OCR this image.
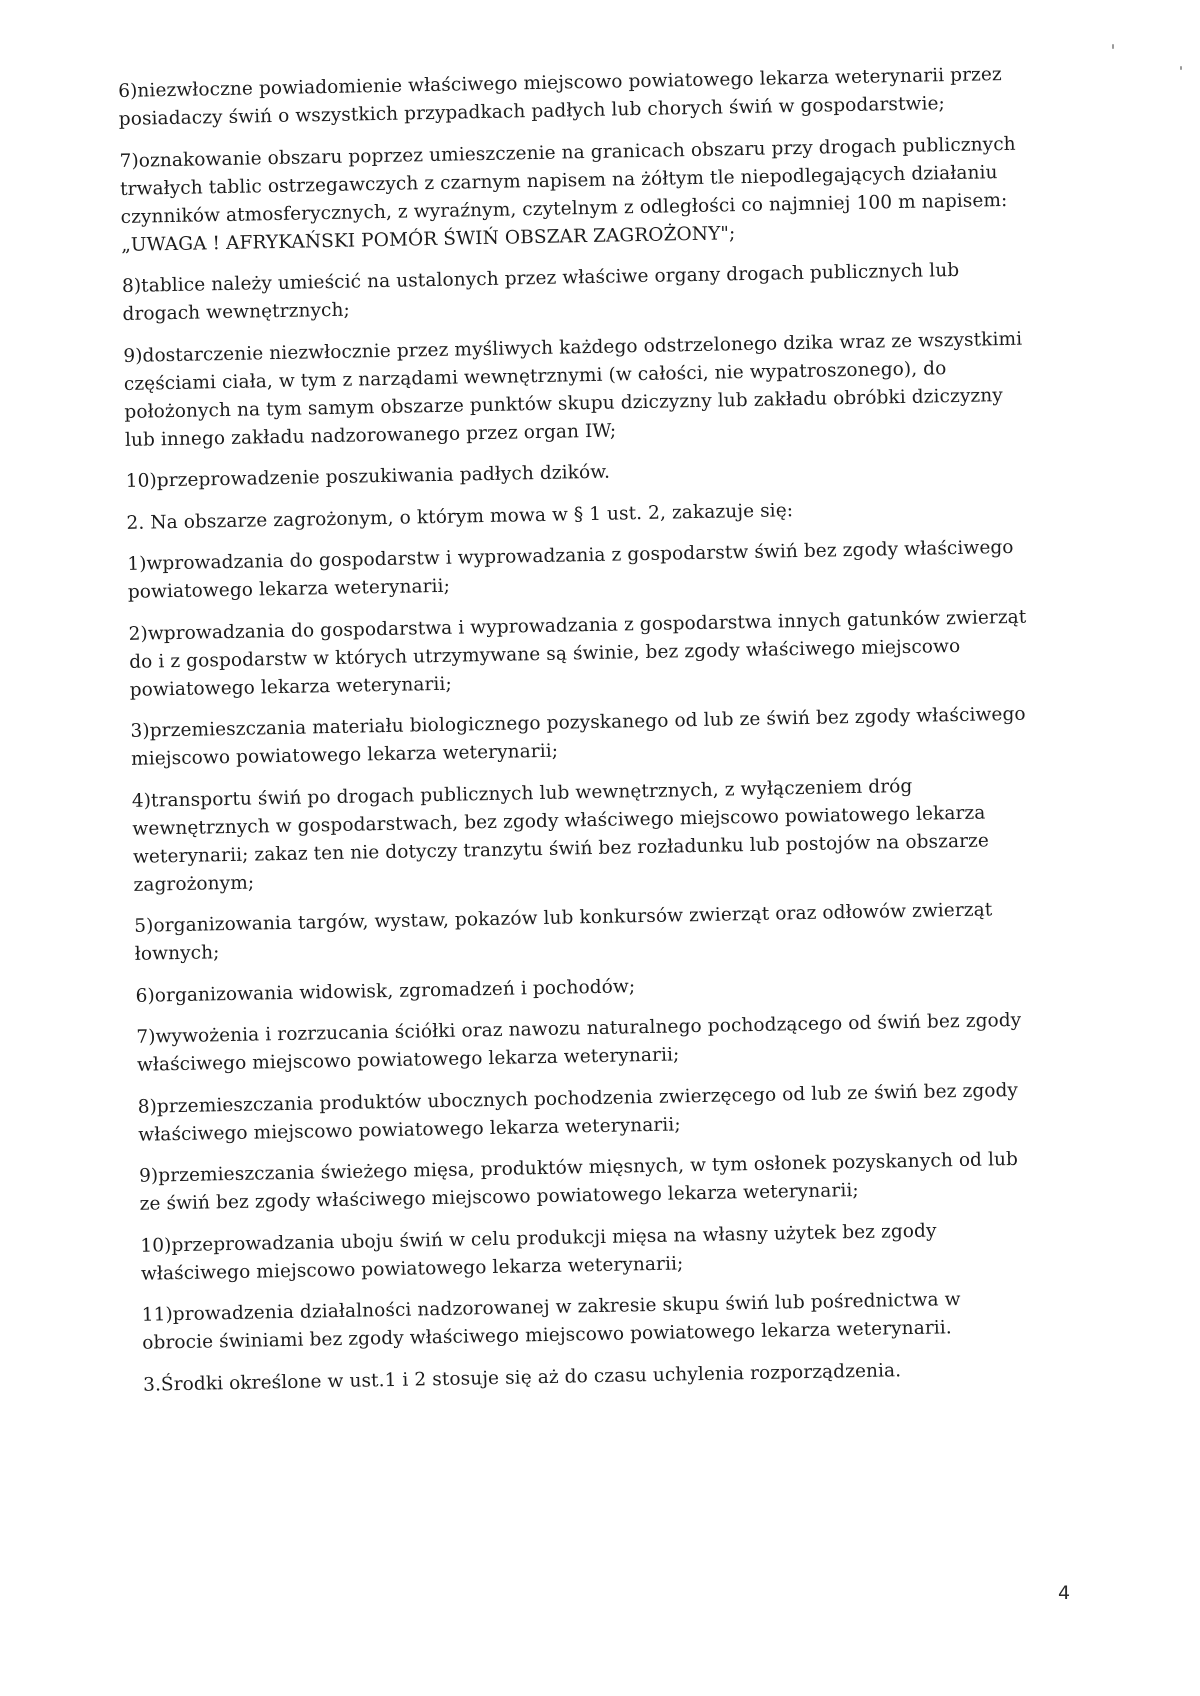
6)niezwłoczne powiadomienie właściwego miejscowo powiatowego lekarza weterynarii przez
posiadaczy świń o wszystkich przypadkach padłych lub chorych świń w gospodarstwie;
7)oznakowanie obszaru poprzez umieszczenie na granicach obszaru przy drogach publicznych
trwałych tablic ostrzegawczych z czarnym napisem na żółtym tle niepodlegających działaniu
czynników atmosferycznych, z wyraźnym, czytelnym z odległości co najmniej 100 m napisem:
„UWAGA ! AFRYKAŃSKI POMÓR ŚWIŃ OBSZAR ZAGROŻONY";
8)tablice należy umieścić na ustalonych przez właściwe organy drogach publicznych lub
drogach wewnętrznych;
9)dostarczenie niezwłocznie przez myśliwych każdego odstrzelonego dzika wraz ze wszystkimi
częściami ciała, w tym z narządami wewnętrznymi (w całości, nie wypatroszonego), do
położonych na tym samym obszarze punktów skupu dziczyzny lub zakładu obróbki dziczyzny
lub innego zakładu nadzorowanego przez organ IW;
10)przeprowadzenie poszukiwania padłych dzików.
2. Na obszarze zagrożonym, o którym mowa w § 1 ust. 2, zakazuje się:
1)wprowadzania do gospodarstw i wyprowadzania z gospodarstw świń bez zgody właściwego
powiatowego lekarza weterynarii;
2)wprowadzania do gospodarstwa i wyprowadzania z gospodarstwa innych gatunków zwierząt
do i z gospodarstw w których utrzymywane są świnie, bez zgody właściwego miejscowo
powiatowego lekarza weterynarii;
3)przemieszczania materiału biologicznego pozyskanego od lub ze świń bez zgody właściwego
miejscowo powiatowego lekarza weterynarii;
4)transportu świń po drogach publicznych lub wewnętrznych, z wyłączeniem dróg
wewnętrznych w gospodarstwach, bez zgody właściwego miejscowo powiatowego lekarza
weterynarii; zakaz ten nie dotyczy tranzytu świń bez rozładunku lub postojów na obszarze
zagrożonym;
5)organizowania targów, wystaw, pokazów lub konkursów zwierząt oraz odłowów zwierząt
łownych;
6)organizowania widowisk, zgromadzeń i pochodów;
7)wywożenia i rozrzucania ściółki oraz nawozu naturalnego pochodzącego od świń bez zgody
właściwego miejscowo powiatowego lekarza weterynarii;
8)przemieszczania produktów ubocznych pochodzenia zwierzęcego od lub ze świń bez zgody
właściwego miejscowo powiatowego lekarza weterynarii;
9)przemieszczania świeżego mięsa, produktów mięsnych, w tym osłonek pozyskanych od lub
ze świń bez zgody właściwego miejscowo powiatowego lekarza weterynarii;
10)przeprowadzania uboju świń w celu produkcji mięsa na własny użytek bez zgody
właściwego miejscowo powiatowego lekarza weterynarii;
11)prowadzenia działalności nadzorowanej w zakresie skupu świń lub pośrednictwa w
obrocie świniami bez zgody właściwego miejscowo powiatowego lekarza weterynarii.
3.Środki określone w ust.1 i 2 stosuje się aż do czasu uchylenia rozporządzenia.
4
